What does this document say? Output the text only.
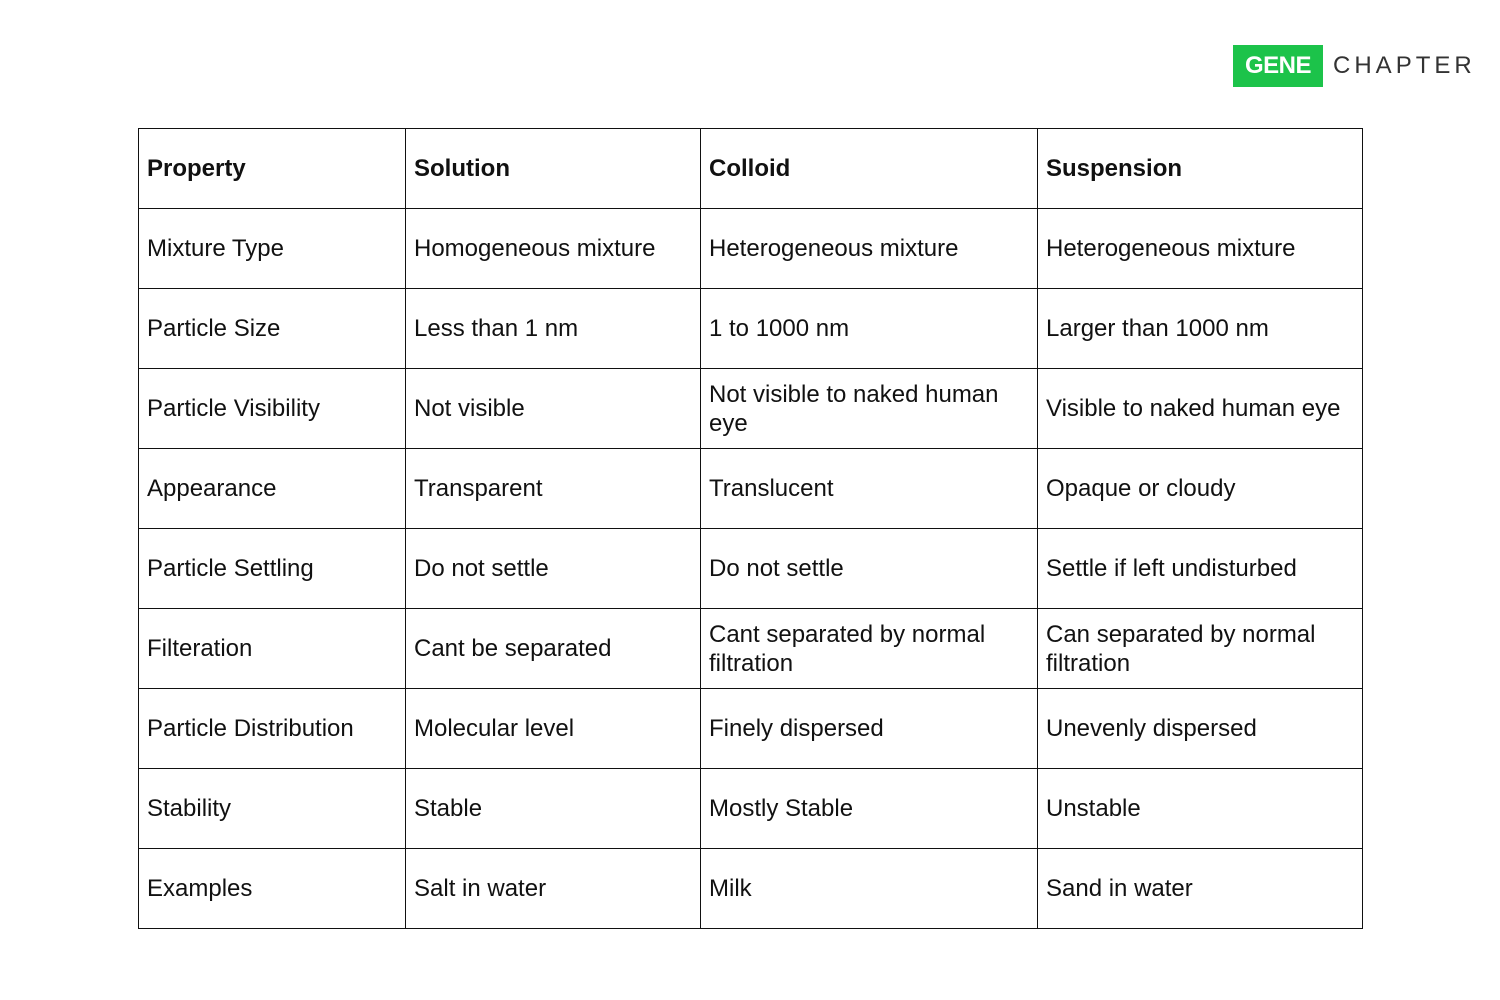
GENE CHAPTER
Property	Solution	Colloid	Suspension
Mixture Type	Homogeneous mixture	Heterogeneous mixture	Heterogeneous mixture
Particle Size	Less than 1 nm	1 to 1000 nm	Larger than 1000 nm
Particle Visibility	Not visible	Not visible to naked human eye	Visible to naked human eye
Appearance	Transparent	Translucent	Opaque or cloudy
Particle Settling	Do not settle	Do not settle	Settle if left undisturbed
Filteration	Cant be separated	Cant separated by normal filtration	Can separated by normal filtration
Particle Distribution	Molecular level	Finely dispersed	Unevenly dispersed
Stability	Stable	Mostly Stable	Unstable
Examples	Salt in water	Milk	Sand in water
